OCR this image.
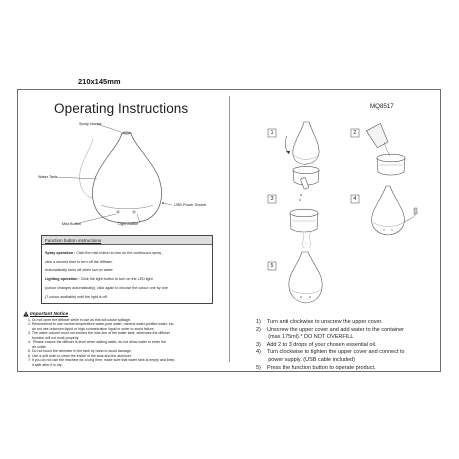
210x145mm
Operating Instructions	MQ8517
Spray Nozzle
Water Tank
USB Power Socket
Mist Button	Light Button
Function button instructions
Spray operation : Click the mist button to turn on the continuous spray ,
click a second time to turn off the diffuser.
Automatically turns off when low on water.
Lighting operation : Click the light button to turn on the LED light
(colour changes automatically), click again to choose the colour one by one
(7 colour available) until the light is off.
Important Notice
1. Do not open the diffuser while in use as this will cause spillage.
2. Recommend to use normal temperature water,pure water, mineral water,purified water, etc,
do not use unknown liquid or high-concentration liquid in order to avoid failure.
3. The water volume must not exceed the max line of the water tank, otherwise the diffuser
function will not work properly.
4.  Please ensure the diffuser is level when adding water, do not allow water to enter the
air outlet.
5. Do not touch the atomizer in the tank by hand to avoid damage.
6. Use a soft cloth to clean the inside of the tank and the atomizer.
7. If you do not use the machine for a long time, make sure that water tank is empty and keep
it safe after it is dry.
1	2
3	4
5
1)    Turn anti clockwise to unscrew the upper cover.
2)    Unscrew the upper cover and add water to the container
(max 175ml).* DO NOT OVERFILL
3)    Add 2 to 3 drops of your chosen essential oil.
4)    Turn clockwise to tighten the upper cover and connect to
power supply. (USB cable included)
5)    Press the function button to operate product.
